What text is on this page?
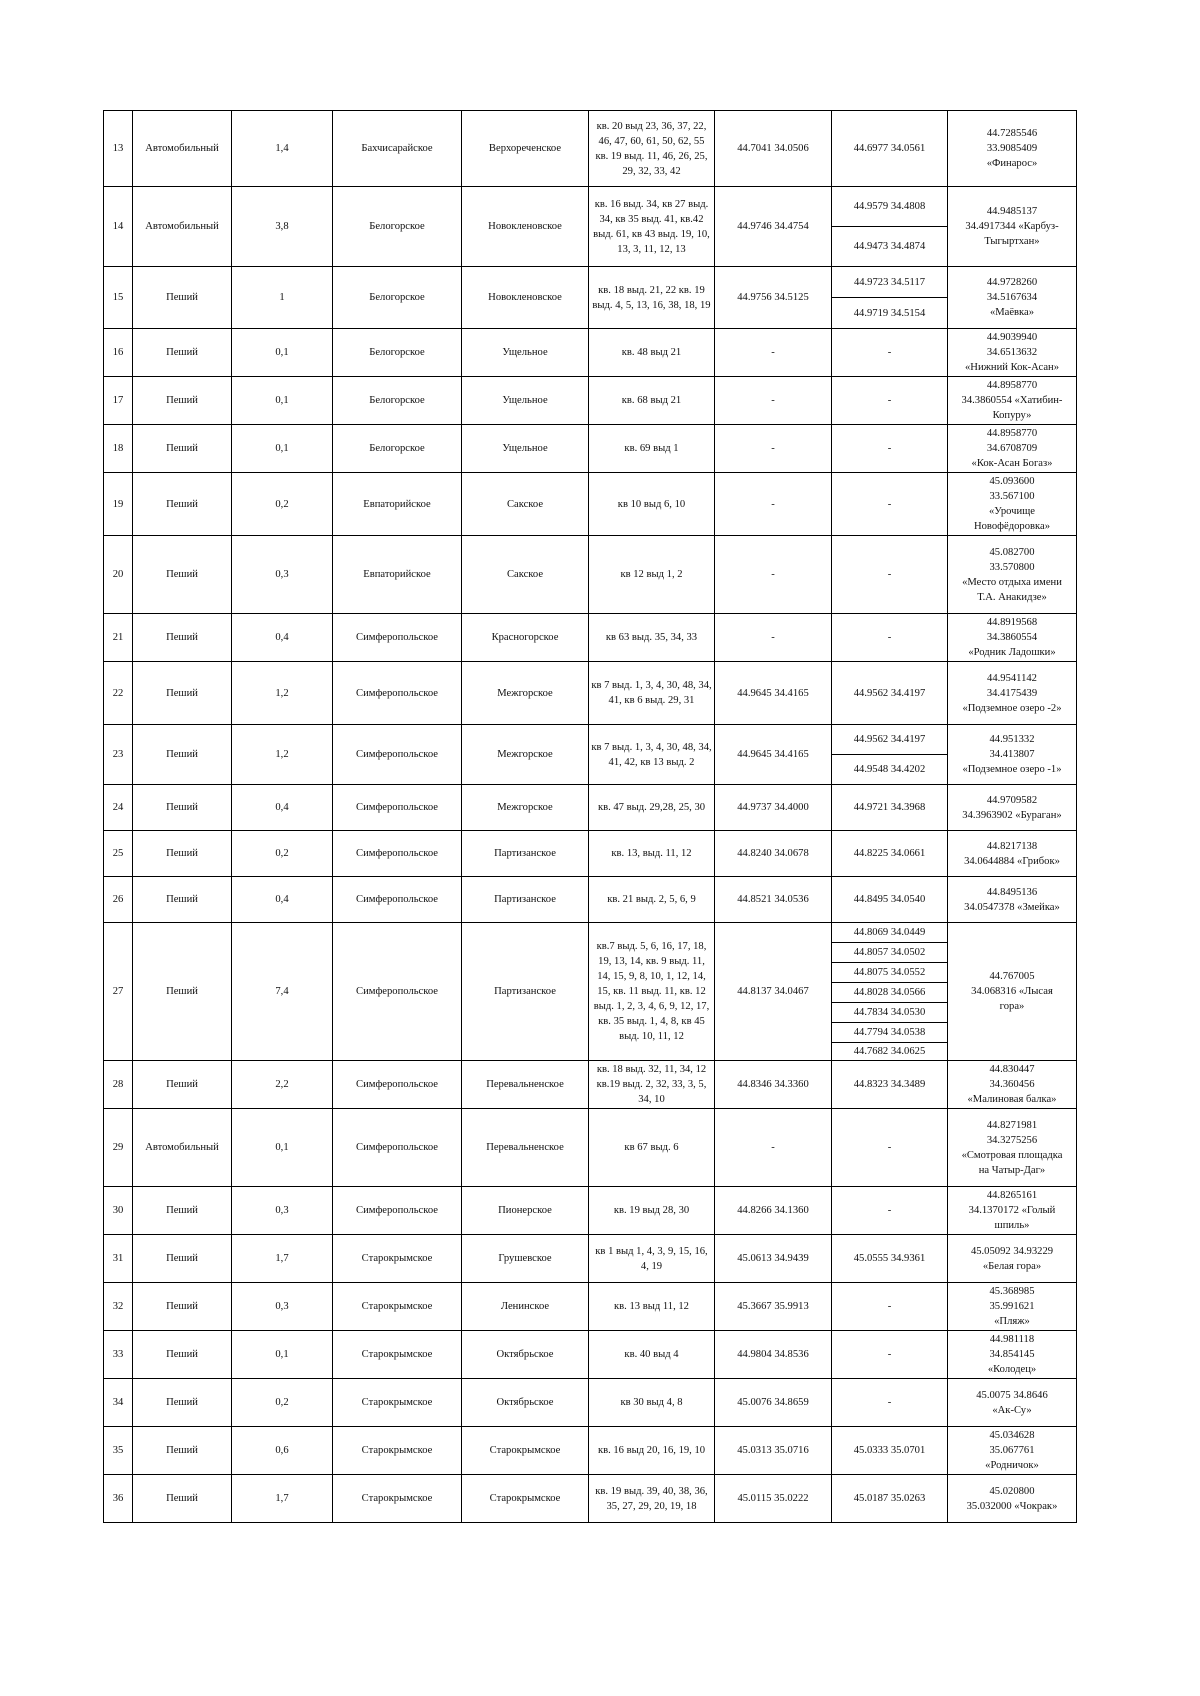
13	Автомобильный	1,4	Бахчисарайское	Верхореченское	кв. 20 выд 23, 36, 37, 22, 46, 47, 60, 61, 50, 62, 55 кв. 19 выд. 11, 46, 26, 25, 29, 32, 33, 42	44.7041 34.0506	44.6977 34.0561	44.7285546
33.9085409
«Финарос»

14	Автомобильный	3,8	Белогорское	Новокленовское	кв. 16 выд. 34, кв 27 выд. 34, кв 35 выд. 41, кв.42 выд. 61, кв 43 выд. 19, 10, 13, 3, 11, 12, 13	44.9746 34.4754	44.9579 34.4808	44.9485137
34.4917344 «Карбуз-
Тыгыртхан»

							44.9473 34.4874	
15	Пеший	1	Белогорское	Новокленовское	кв. 18 выд. 21, 22 кв. 19 выд. 4, 5, 13, 16, 38, 18, 19	44.9756 34.5125	44.9723 34.5117	44.9728260
34.5167634
«Маёвка»

							44.9719 34.5154	
16	Пеший	0,1	Белогорское	Ущельное	кв. 48 выд 21	-	-	44.9039940
34.6513632
«Нижний Кок-Асан»

17	Пеший	0,1	Белогорское	Ущельное	кв. 68 выд 21	-	-	44.8958770
34.3860554 «Хатибин-
Копуру»

18	Пеший	0,1	Белогорское	Ущельное	кв. 69 выд 1	-	-	44.8958770
34.6708709
«Кок-Асан Богаз»

19	Пеший	0,2	Евпаторийское	Сакское	кв 10 выд 6, 10	-	-	45.093600
33.567100
«Урочище
Новофёдоровка»

20	Пеший	0,3	Евпаторийское	Сакское	кв 12 выд 1, 2	-	-	45.082700
33.570800
«Место отдыха имени
Т.А. Анакидзе»

21	Пеший	0,4	Симферопольское	Красногорское	кв 63 выд. 35, 34, 33	-	-	44.8919568
34.3860554
«Родник Ладошки»

22	Пеший	1,2	Симферопольское	Межгорское	кв 7 выд. 1, 3, 4, 30, 48, 34, 41, кв 6 выд. 29, 31	44.9645 34.4165	44.9562 34.4197	44.9541142
34.4175439
«Подземное озеро -2»

23	Пеший	1,2	Симферопольское	Межгорское	кв 7 выд. 1, 3, 4, 30, 48, 34, 41, 42, кв 13 выд. 2	44.9645 34.4165	44.9562 34.4197	44.951332
34.413807
«Подземное озеро -1»

							44.9548 34.4202	
24	Пеший	0,4	Симферопольское	Межгорское	кв. 47 выд. 29,28, 25, 30	44.9737 34.4000	44.9721 34.3968	44.9709582
34.3963902 «Бураган»

25	Пеший	0,2	Симферопольское	Партизанское	кв. 13, выд. 11, 12	44.8240 34.0678	44.8225 34.0661	44.8217138
34.0644884 «Грибок»

26	Пеший	0,4	Симферопольское	Партизанское	кв. 21 выд. 2, 5, 6, 9	44.8521 34.0536	44.8495 34.0540	44.8495136
34.0547378 «Змейка»

27	Пеший	7,4	Симферопольское	Партизанское	кв.7 выд. 5, 6, 16, 17, 18, 19, 13, 14, кв. 9 выд. 11, 14, 15, 9, 8, 10, 1, 12, 14, 15, кв. 11 выд. 11, кв. 12 выд. 1, 2, 3, 4, 6, 9, 12, 17, кв. 35 выд. 1, 4, 8, кв 45 выд. 10, 11, 12	44.8137 34.0467	44.8069 34.0449	44.767005
34.068316 «Лысая
гора»

							44.8057 34.0502	
							44.8075 34.0552	
							44.8028 34.0566	
							44.7834 34.0530	
							44.7794 34.0538	
							44.7682 34.0625	
28	Пеший	2,2	Симферопольское	Перевальненское	кв. 18 выд. 32, 11, 34, 12 кв.19 выд. 2, 32, 33, 3, 5, 34, 10	44.8346 34.3360	44.8323 34.3489	44.830447
34.360456
«Малиновая балка»

29	Автомобильный	0,1	Симферопольское	Перевальненское	кв 67 выд. 6	-	-	44.8271981
34.3275256
«Смотровая площадка
на Чатыр-Даг»

30	Пеший	0,3	Симферопольское	Пионерское	кв. 19 выд 28, 30	44.8266 34.1360	-	44.8265161
34.1370172 «Голый
шпиль»

31	Пеший	1,7	Старокрымское	Грушевское	кв 1 выд 1, 4, 3, 9, 15, 16, 4, 19	45.0613 34.9439	45.0555 34.9361	45.05092 34.93229
«Белая гора»

32	Пеший	0,3	Старокрымское	Ленинское	кв. 13 выд 11, 12	45.3667 35.9913	-	45.368985
35.991621
«Пляж»

33	Пеший	0,1	Старокрымское	Октябрьское	кв. 40 выд 4	44.9804 34.8536	-	44.981118
34.854145
«Колодец»

34	Пеший	0,2	Старокрымское	Октябрьское	кв 30 выд 4, 8	45.0076 34.8659	-	45.0075 34.8646
«Ак-Су»

35	Пеший	0,6	Старокрымское	Старокрымское	кв. 16 выд 20, 16, 19, 10	45.0313 35.0716	45.0333 35.0701	45.034628
35.067761
«Родничок»

36	Пеший	1,7	Старокрымское	Старокрымское	кв. 19 выд. 39, 40, 38, 36, 35, 27, 29, 20, 19, 18	45.0115 35.0222	45.0187 35.0263	45.020800
35.032000 «Чокрак»
